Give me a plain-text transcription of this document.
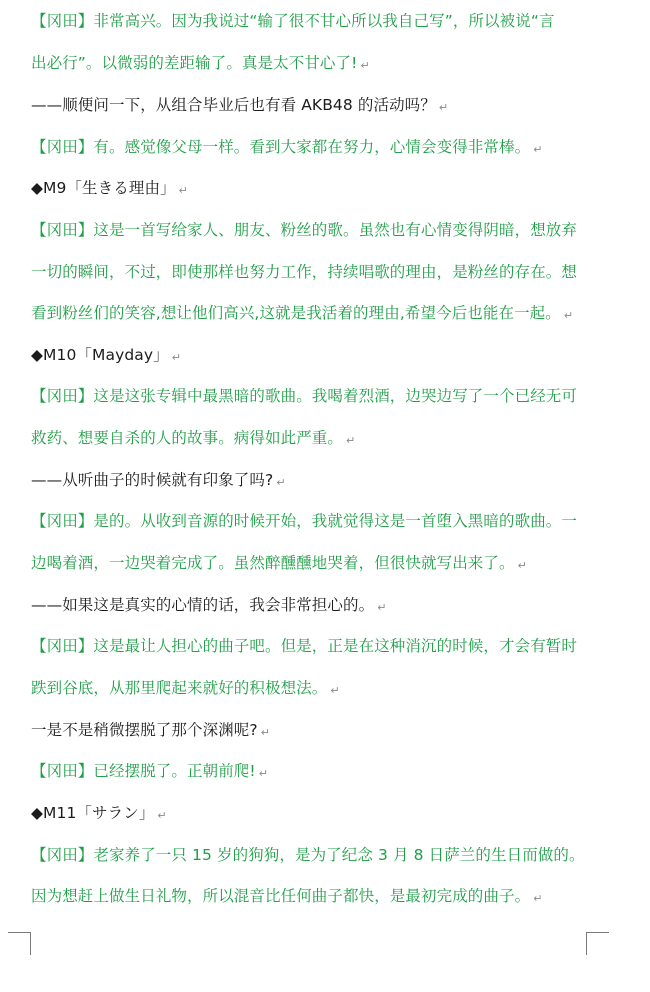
【冈田】非常高兴。因为我说过“输了很不甘心所以我自己写”，所以被说“言
出必行”。以微弱的差距输了。真是太不甘心了! ↵
——顺便问一下，从组合毕业后也有看 AKB48 的活动吗？ ↵
【冈田】有。感觉像父母一样。看到大家都在努力，心情会变得非常棒。 ↵
◆M9「生きる理由」 ↵
【冈田】这是一首写给家人、朋友、粉丝的歌。虽然也有心情变得阴暗，想放弃
一切的瞬间，不过，即使那样也努力工作，持续唱歌的理由，是粉丝的存在。想
看到粉丝们的笑容,想让他们高兴,这就是我活着的理由,希望今后也能在一起。 ↵
◆M10「Mayday」 ↵
【冈田】这是这张专辑中最黑暗的歌曲。我喝着烈酒，边哭边写了一个已经无可
救药、想要自杀的人的故事。病得如此严重。 ↵
——从听曲子的时候就有印象了吗? ↵
【冈田】是的。从收到音源的时候开始，我就觉得这是一首堕入黑暗的歌曲。一
边喝着酒，一边哭着完成了。虽然醉醺醺地哭着，但很快就写出来了。 ↵
——如果这是真实的心情的话，我会非常担心的。 ↵
【冈田】这是最让人担心的曲子吧。但是，正是在这种消沉的时候，才会有暂时
跌到谷底，从那里爬起来就好的积极想法。 ↵
一是不是稍微摆脱了那个深渊呢? ↵
【冈田】已经摆脱了。正朝前爬! ↵
◆M11「サラン」 ↵
【冈田】老家养了一只 15 岁的狗狗，是为了纪念 3 月 8 日萨兰的生日而做的。
因为想赶上做生日礼物，所以混音比任何曲子都快，是最初完成的曲子。 ↵
